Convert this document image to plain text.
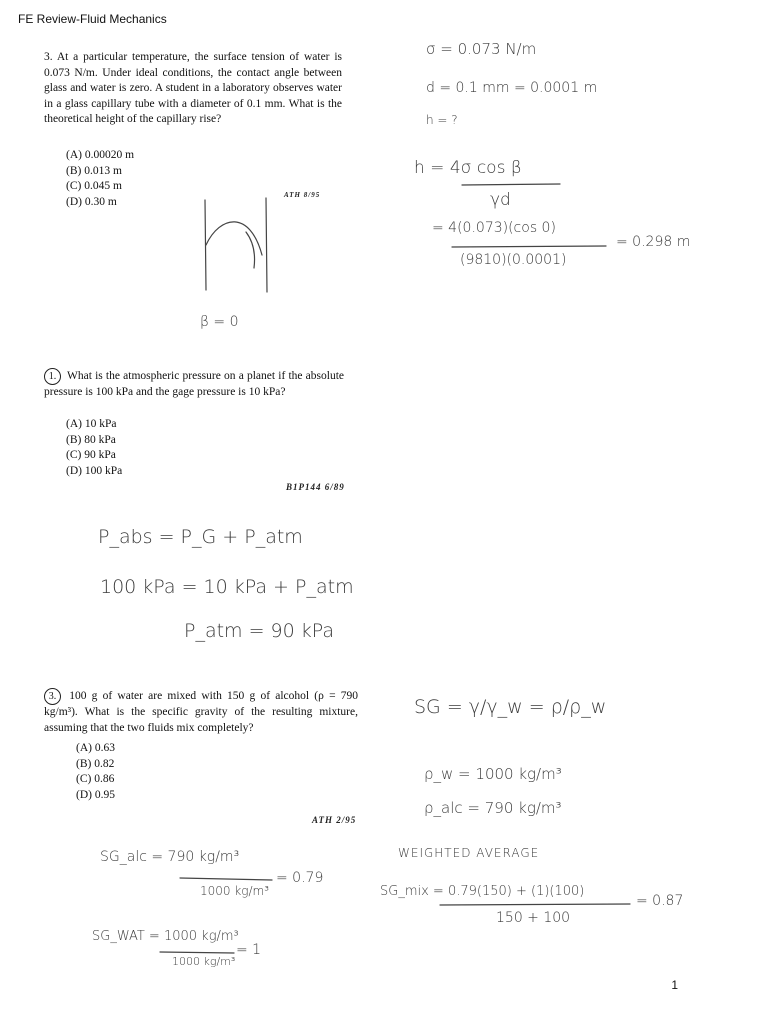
FE Review-Fluid Mechanics
3. At a particular temperature, the surface tension of water is 0.073 N/m. Under ideal conditions, the contact angle between glass and water is zero. A student in a laboratory observes water in a glass capillary tube with a diameter of 0.1 mm. What is the theoretical height of the capillary rise?
(A) 0.00020 m
(B) 0.013 m
(C) 0.045 m
(D) 0.30 m
ATH 8/95
1. What is the atmospheric pressure on a planet if the absolute pressure is 100 kPa and the gage pressure is 10 kPa?
(A) 10 kPa
(B) 80 kPa
(C) 90 kPa
(D) 100 kPa
B1P144 6/89
3. 100 g of water are mixed with 150 g of alcohol (ρ = 790 kg/m³). What is the specific gravity of the resulting mixture, assuming that the two fluids mix completely?
(A) 0.63
(B) 0.82
(C) 0.86
(D) 0.95
ATH 2/95
σ = 0.073 N/m
d = 0.1 mm = 0.0001 m
h = ?
h = 4σ cos β
γd
= 4(0.073)(cos 0)
(9810)(0.0001)
= 0.298 m
β = 0
P_abs = P_G + P_atm
100 kPa = 10 kPa + P_atm
P_atm = 90 kPa
SG = γ/γ_w = ρ/ρ_w
ρ_w = 1000 kg/m³
ρ_alc = 790 kg/m³
SG_alc = 790 kg/m³
1000 kg/m³
= 0.79
SG_WAT = 1000 kg/m³
1000 kg/m³
= 1
WEIGHTED AVERAGE
SG_mix = 0.79(150) + (1)(100)
150 + 100
= 0.87
1
